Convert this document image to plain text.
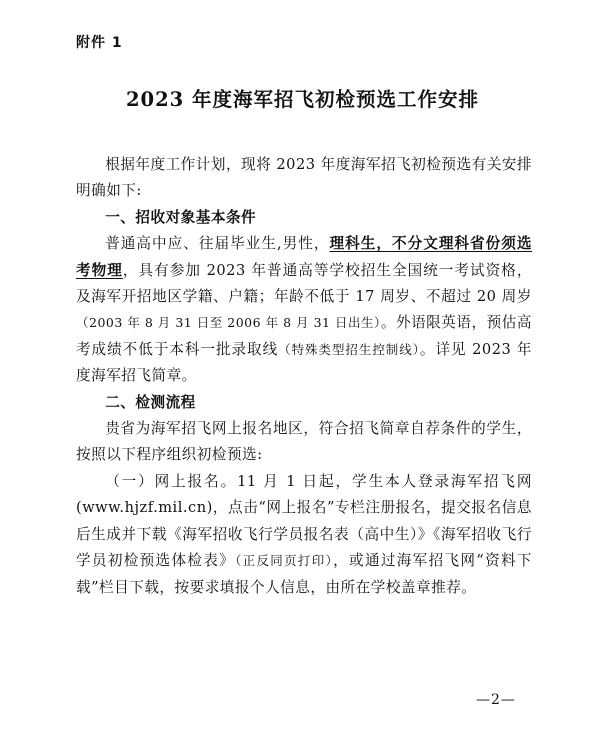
附件 1
2023 年度海军招飞初检预选工作安排

根据年度工作计划，现将 2023 年度海军招飞初检预选有关安排明确如下:

一、招收对象基本条件

普通高中应、往届毕业生,男性，理科生，不分文理科省份须选考物理，具有参加 2023 年普通高等学校招生全国统一考试资格，及海军开招地区学籍、户籍；年龄不低于 17 周岁、不超过 20 周岁（2003 年 8 月 31 日至 2006 年 8 月 31 日出生）。外语限英语，预估高考成绩不低于本科一批录取线（特殊类型招生控制线）。详见 2023 年度海军招飞简章。

二、检测流程

贵省为海军招飞网上报名地区，符合招飞简章自荐条件的学生，按照以下程序组织初检预选:

（一）网上报名。11 月 1 日起，学生本人登录海军招飞网 (www.hjzf.mil.cn)，点击“网上报名”专栏注册报名，提交报名信息后生成并下载《海军招收飞行学员报名表（高中生）》《海军招收飞行学员初检预选体检表》（正反同页打印），或通过海军招飞网“资料下载”栏目下载，按要求填报个人信息，由所在学校盖章推荐。

—2—
